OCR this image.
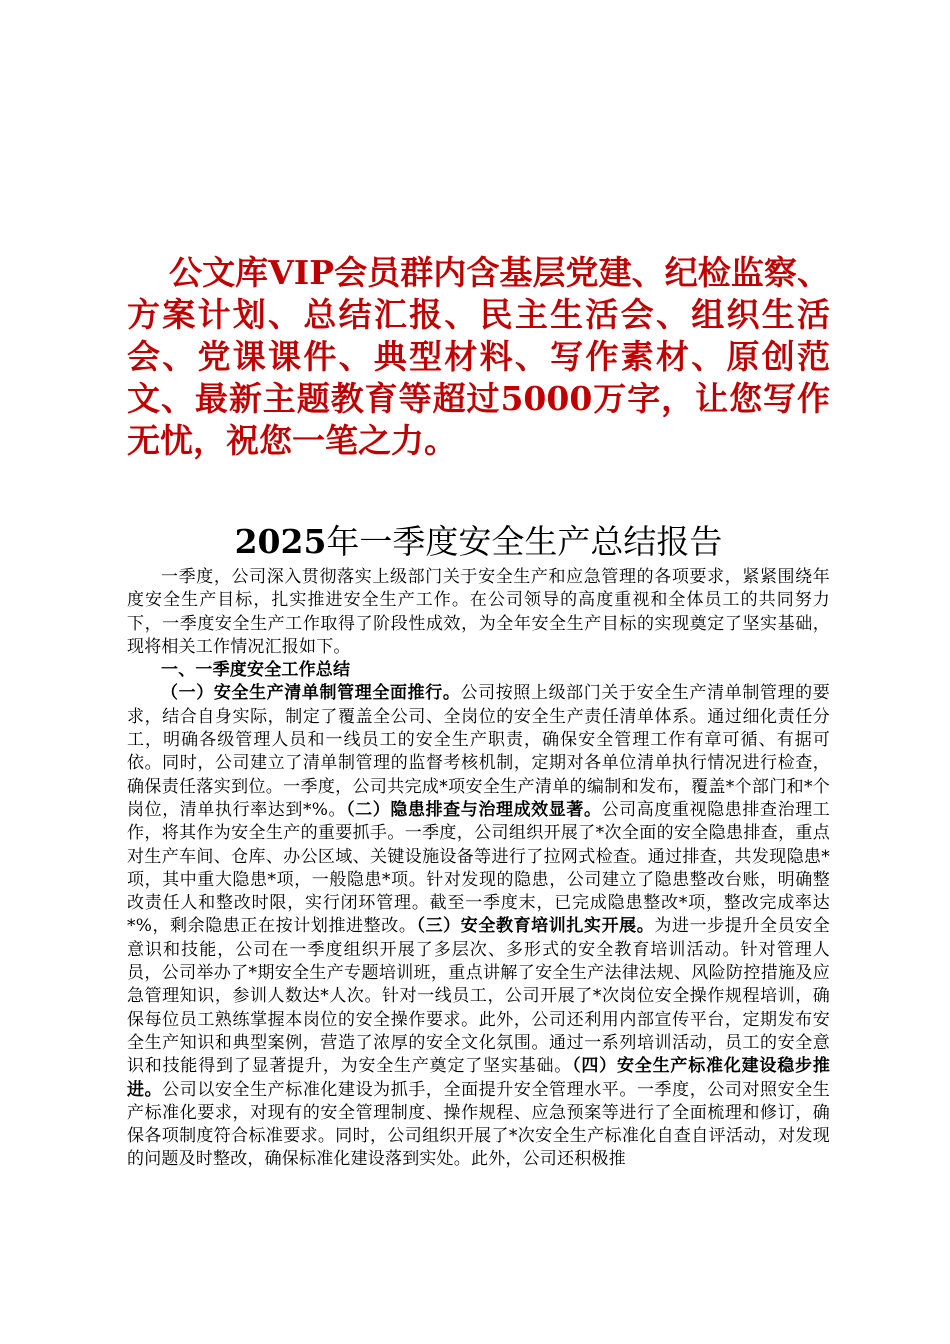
公文库VIP会员群内含基层党建、纪检监察、方案计划、总结汇报、民主生活会、组织生活会、党课课件、典型材料、写作素材、原创范文、最新主题教育等超过5000万字，让您写作无忧，祝您一笔之力。
2025年一季度安全生产总结报告

一季度，公司深入贯彻落实上级部门关于安全生产和应急管理的各项要求，紧紧围绕年度安全生产目标，扎实推进安全生产工作。在公司领导的高度重视和全体员工的共同努力下，一季度安全生产工作取得了阶段性成效，为全年安全生产目标的实现奠定了坚实基础，现将相关工作情况汇报如下。

一、一季度安全工作总结

（一）安全生产清单制管理全面推行。公司按照上级部门关于安全生产清单制管理的要求，结合自身实际，制定了覆盖全公司、全岗位的安全生产责任清单体系。通过细化责任分工，明确各级管理人员和一线员工的安全生产职责，确保安全管理工作有章可循、有据可依。同时，公司建立了清单制管理的监督考核机制，定期对各单位清单执行情况进行检查，确保责任落实到位。一季度，公司共完成*项安全生产清单的编制和发布，覆盖*个部门和*个岗位，清单执行率达到*%。（二）隐患排查与治理成效显著。公司高度重视隐患排查治理工作，将其作为安全生产的重要抓手。一季度，公司组织开展了*次全面的安全隐患排查，重点对生产车间、仓库、办公区域、关键设施设备等进行了拉网式检查。通过排查，共发现隐患*项，其中重大隐患*项，一般隐患*项。针对发现的隐患，公司建立了隐患整改台账，明确整改责任人和整改时限，实行闭环管理。截至一季度末，已完成隐患整改*项，整改完成率达*%，剩余隐患正在按计划推进整改。（三）安全教育培训扎实开展。为进一步提升全员安全意识和技能，公司在一季度组织开展了多层次、多形式的安全教育培训活动。针对管理人员，公司举办了*期安全生产专题培训班，重点讲解了安全生产法律法规、风险防控措施及应急管理知识，参训人数达*人次。针对一线员工，公司开展了*次岗位安全操作规程培训，确保每位员工熟练掌握本岗位的安全操作要求。此外，公司还利用内部宣传平台，定期发布安全生产知识和典型案例，营造了浓厚的安全文化氛围。通过一系列培训活动，员工的安全意识和技能得到了显著提升，为安全生产奠定了坚实基础。（四）安全生产标准化建设稳步推进。公司以安全生产标准化建设为抓手，全面提升安全管理水平。一季度，公司对照安全生产标准化要求，对现有的安全管理制度、操作规程、应急预案等进行了全面梳理和修订，确保各项制度符合标准要求。同时，公司组织开展了*次安全生产标准化自查自评活动，对发现的问题及时整改，确保标准化建设落到实处。此外，公司还积极推
